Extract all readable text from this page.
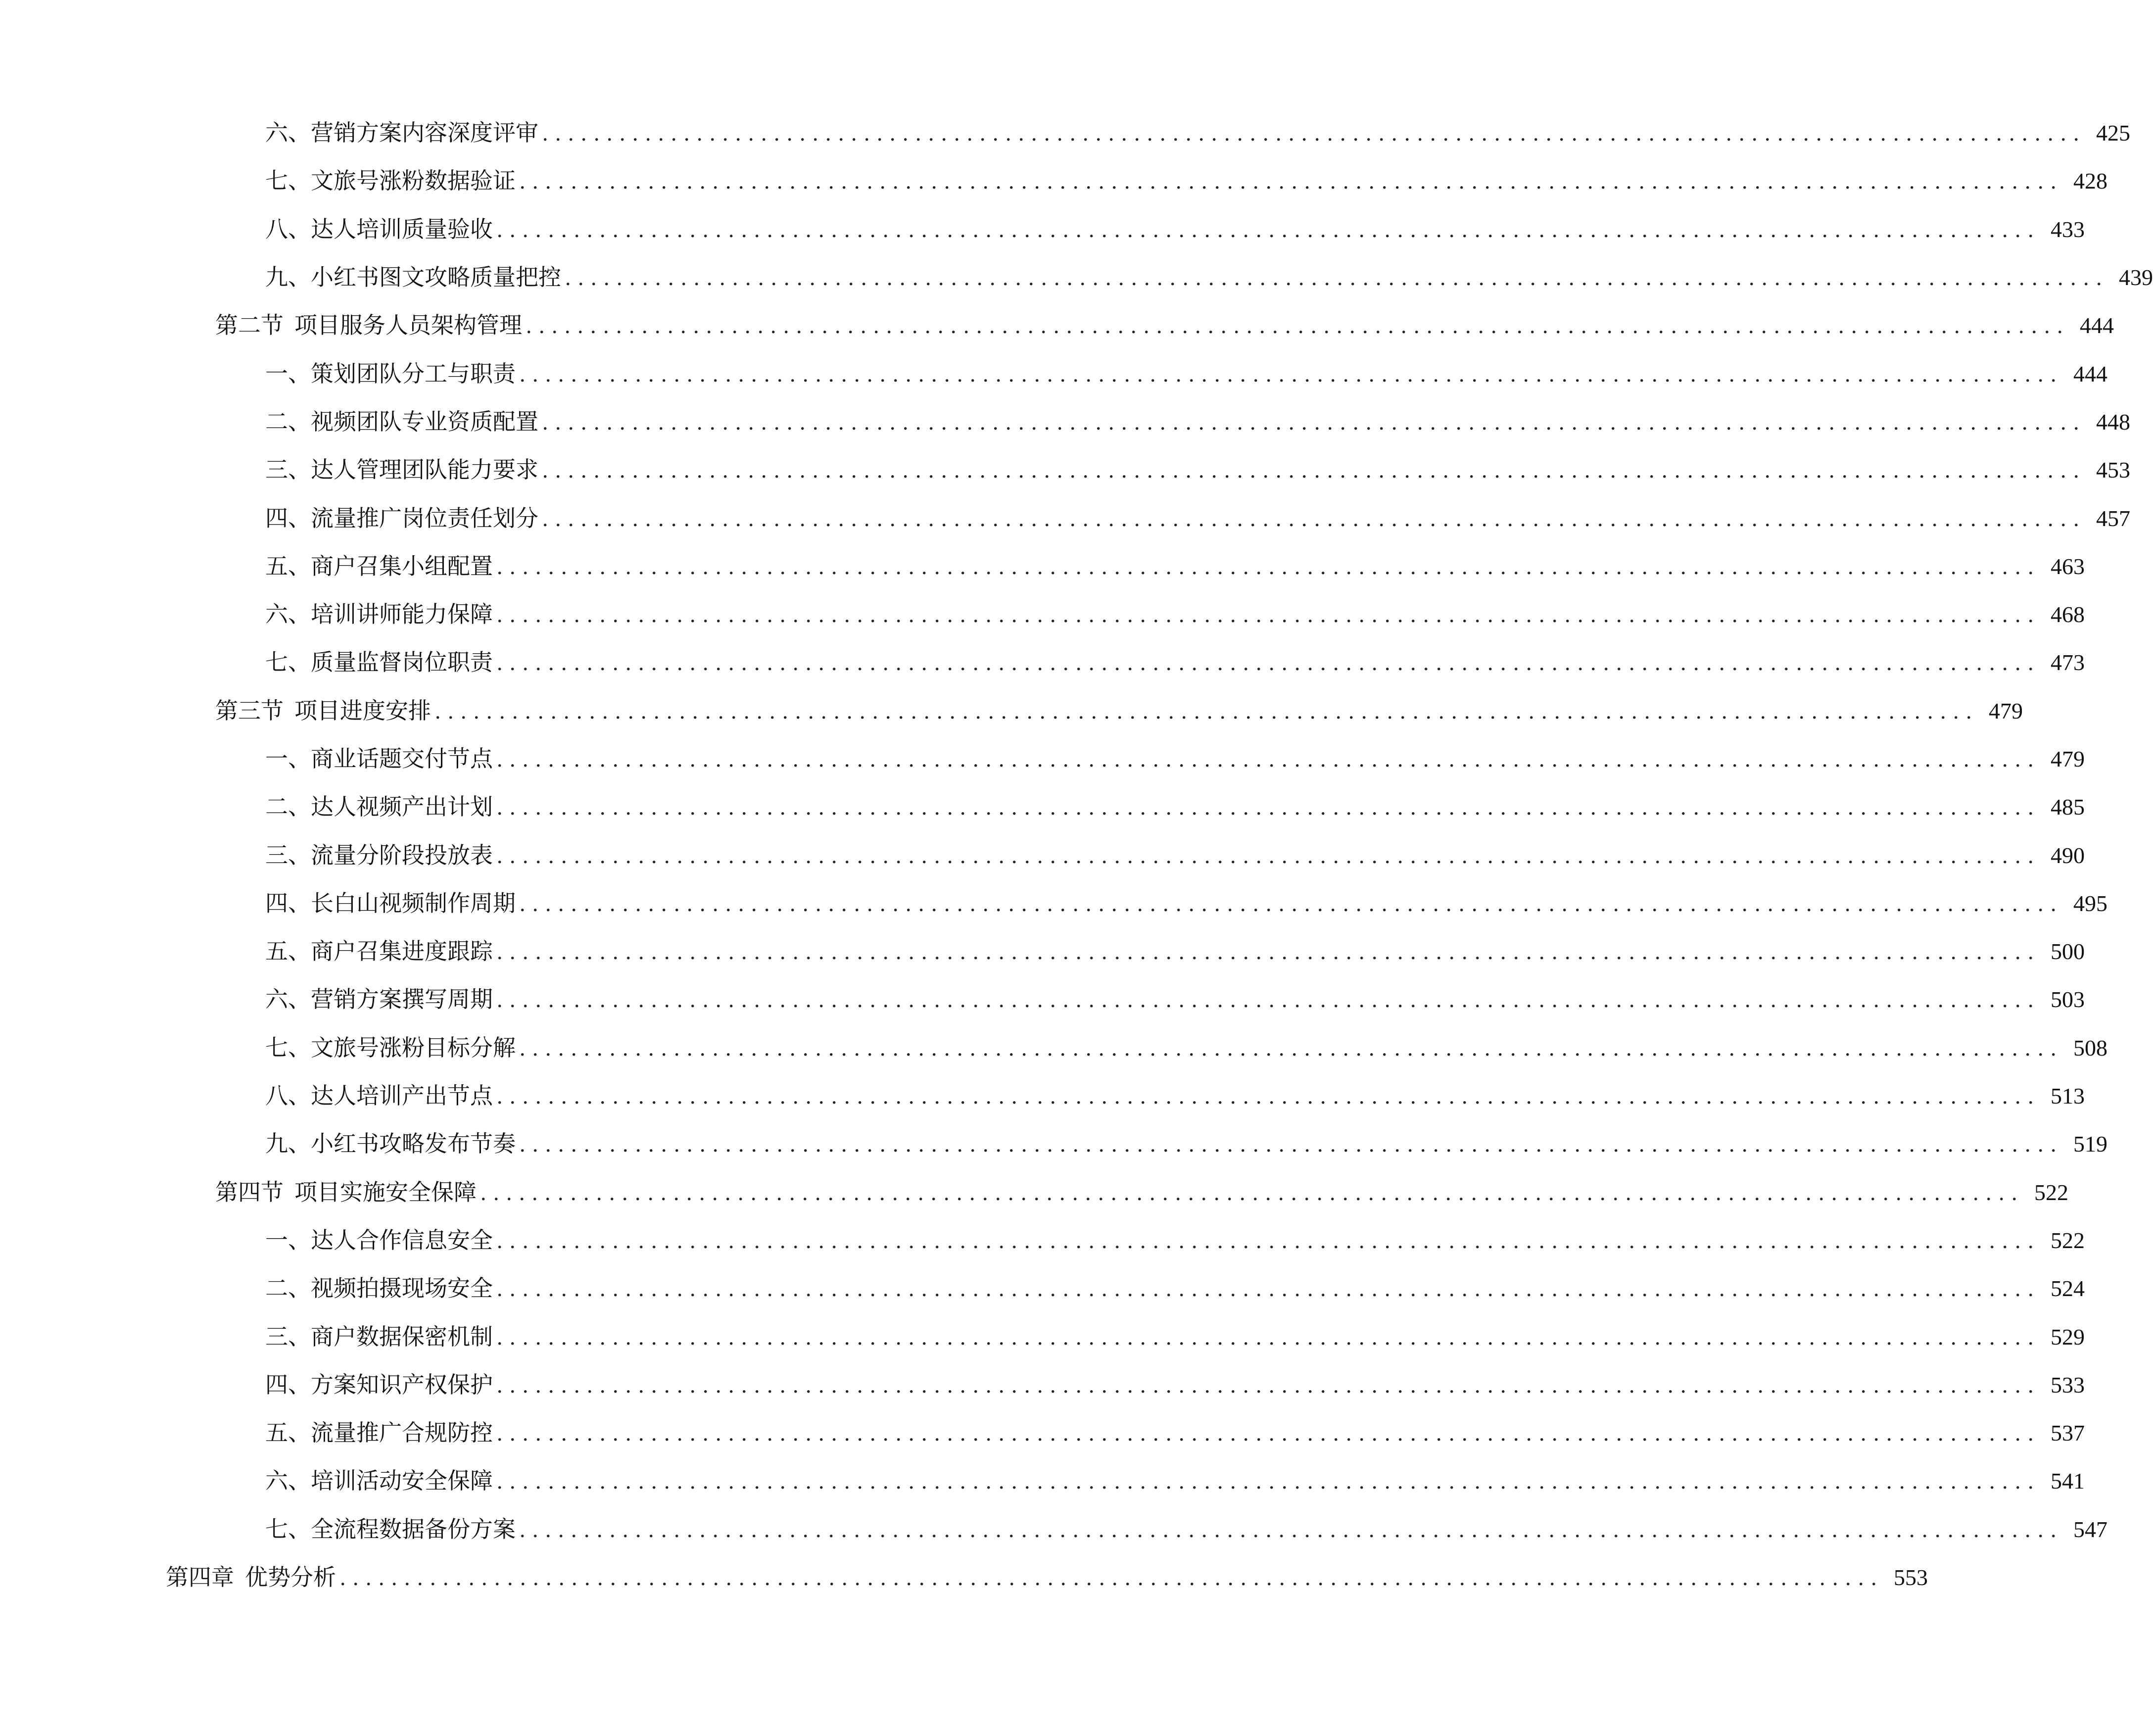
六、 营销方案内容深度评审 ........................................................................................................................ 425
七、 文旅号涨粉数据验证 ........................................................................................................................ 428
八、 达人培训质量验收 ........................................................................................................................ 433
九、 小红书图文攻略质量把控 ........................................................................................................................ 439
第二节 项目服务人员架构管理 ........................................................................................................................ 444
一、 策划团队分工与职责 ........................................................................................................................ 444
二、 视频团队专业资质配置 ........................................................................................................................ 448
三、 达人管理团队能力要求 ........................................................................................................................ 453
四、 流量推广岗位责任划分 ........................................................................................................................ 457
五、 商户召集小组配置 ........................................................................................................................ 463
六、 培训讲师能力保障 ........................................................................................................................ 468
七、 质量监督岗位职责 ........................................................................................................................ 473
第三节 项目进度安排 ........................................................................................................................ 479
一、 商业话题交付节点 ........................................................................................................................ 479
二、 达人视频产出计划 ........................................................................................................................ 485
三、 流量分阶段投放表 ........................................................................................................................ 490
四、 长白山视频制作周期 ........................................................................................................................ 495
五、 商户召集进度跟踪 ........................................................................................................................ 500
六、 营销方案撰写周期 ........................................................................................................................ 503
七、 文旅号涨粉目标分解 ........................................................................................................................ 508
八、 达人培训产出节点 ........................................................................................................................ 513
九、 小红书攻略发布节奏 ........................................................................................................................ 519
第四节 项目实施安全保障 ........................................................................................................................ 522
一、 达人合作信息安全 ........................................................................................................................ 522
二、 视频拍摄现场安全 ........................................................................................................................ 524
三、 商户数据保密机制 ........................................................................................................................ 529
四、 方案知识产权保护 ........................................................................................................................ 533
五、 流量推广合规防控 ........................................................................................................................ 537
六、 培训活动安全保障 ........................................................................................................................ 541
七、 全流程数据备份方案 ........................................................................................................................ 547
第四章 优势分析 ........................................................................................................................ 553
